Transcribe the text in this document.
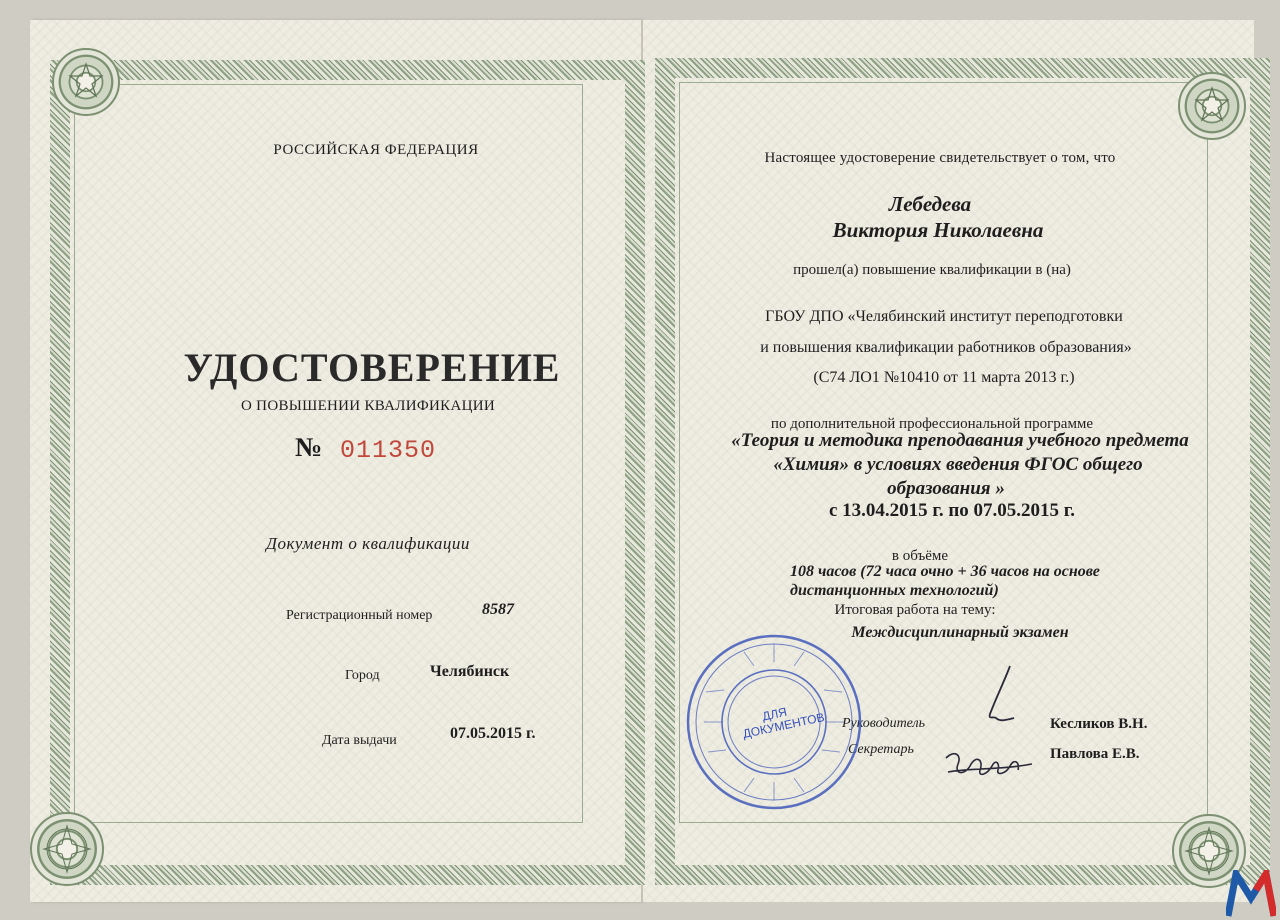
РОССИЙСКАЯ ФЕДЕРАЦИЯ
УДОСТОВЕРЕНИЕ
О ПОВЫШЕНИИ КВАЛИФИКАЦИИ
№ 011350
Документ о квалификации
Регистрационный номер	8587
Город	Челябинск
Дата выдачи	07.05.2015 г.
Настоящее удостоверение свидетельствует о том, что
Лебедева
Виктория Николаевна
прошел(а) повышение квалификации в (на)
ГБОУ ДПО «Челябинский институт переподготовки
и повышения квалификации работников образования»
(С74 ЛО1 №10410 от 11 марта 2013 г.)
по дополнительной профессиональной программе
«Теория и методика преподавания учебного предмета
«Химия» в условиях введения ФГОС общего
образования »
с 13.04.2015 г. по 07.05.2015 г.
в объёме
108 часов (72 часа очно + 36 часов на основе
дистанционных технологий)
Итоговая работа на тему:
Междисциплинарный экзамен
Руководитель	Кесликов В.Н.
Секретарь	Павлова Е.В.
ДЛЯ ДОКУМЕНТОВ
